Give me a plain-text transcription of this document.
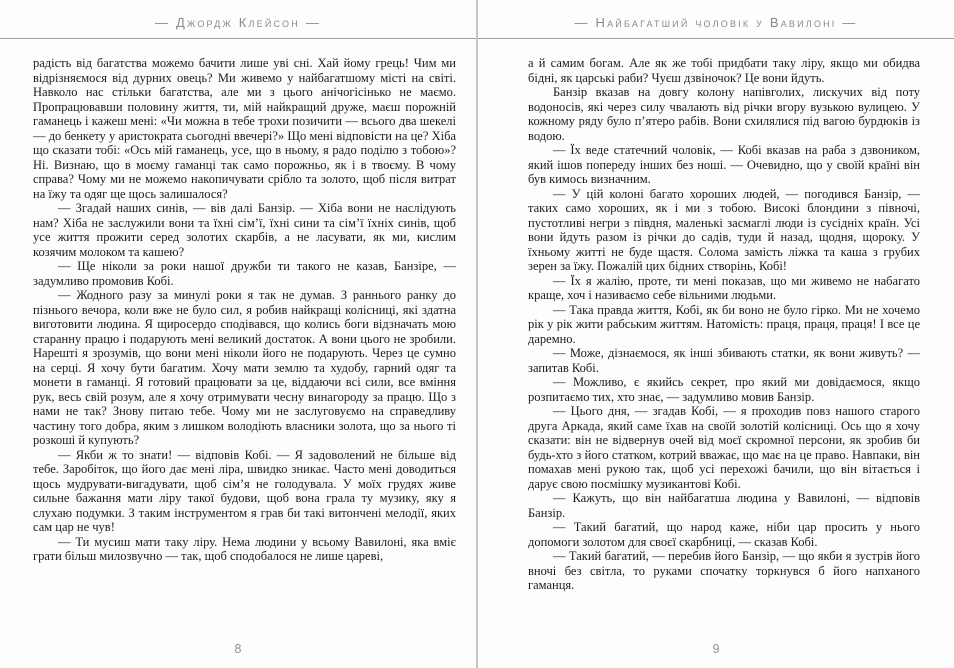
— Джордж Клейсон —

радість від багатства можемо бачити лише уві сні. Хай йому грець! Чим ми відрізняємося від дурних овець? Ми живемо у найбагатшому місті на світі. Навколо нас стільки багатства, але ми з цього анічогісінько не маємо. Пропрацювавши половину життя, ти, мій найкращий друже, маєш порожній гаманець і кажеш мені: «Чи можна в тебе трохи позичити — всього два шекелі — до бенкету у аристократа сьогодні ввечері?» Що мені відповісти на це? Хіба що сказати тобі: «Ось мій гаманець, усе, що в ньому, я радо поділю з тобою»? Ні. Визнаю, що в моєму гаманці так само порожньо, як і в твоєму. В чому справа? Чому ми не можемо накопичувати срібло та золото, щоб після витрат на їжу та одяг ще щось залишалося?

— Згадай наших синів, — вів далі Банзір. — Хіба вони не наслідують нам? Хіба не заслужили вони та їхні сім’ї, їхні сини та сім’ї їхніх синів, щоб усе життя прожити серед золотих скарбів, а не ласувати, як ми, кислим козячим молоком та кашею?

— Ще ніколи за роки нашої дружби ти такого не казав, Банзіре, — задумливо промовив Кобі.

— Жодного разу за минулі роки я так не думав. З раннього ранку до пізнього вечора, коли вже не було сил, я робив найкращі колісниці, які здатна виготовити людина. Я щиросердо сподівався, що колись боги відзначать мою старанну працю і подарують мені великий достаток. А вони цього не зробили. Нарешті я зрозумів, що вони мені ніколи його не подарують. Через це сумно на серці. Я хочу бути багатим. Хочу мати землю та худобу, гарний одяг та монети в гаманці. Я готовий працювати за це, віддаючи всі сили, все вміння рук, весь свій розум, але я хочу отримувати чесну винагороду за працю. Що з нами не так? Знову питаю тебе. Чому ми не заслуговуємо на справедливу частину того добра, яким з лишком володіють власники золота, що за нього ті розкоші й купують?

— Якби ж то знати! — відповів Кобі. — Я задоволений не більше від тебе. Заробіток, що його дає мені ліра, швидко зникає. Часто мені доводиться щось мудрувати-вигадувати, щоб сім’я не голодувала. У моїх грудях живе сильне бажання мати ліру такої будови, щоб вона грала ту музику, яку я слухаю подумки. З таким інструментом я грав би такі витончені мелодії, яких сам цар не чув!

— Ти мусиш мати таку ліру. Нема людини у всьому Вавилоні, яка вміє грати більш милозвучно — так, щоб сподобалося не лише цареві,

8
— Найбагатший чоловік у Вавилоні —

а й самим богам. Але як же тобі придбати таку ліру, якщо ми обидва бідні, як царські раби? Чуєш дзвіночок? Це вони йдуть.

Банзір вказав на довгу колону напівголих, лискучих від поту водоносів, які через силу чвалають від річки вгору вузькою вулицею. У кожному ряду було п’ятеро рабів. Вони схилялися під вагою бурдюків із водою.

— Їх веде статечний чоловік, — Кобі вказав на раба з дзвоником, який ішов попереду інших без ноші. — Очевидно, що у своїй країні він був кимось визначним.

— У цій колоні багато хороших людей, — погодився Банзір, — таких само хороших, як і ми з тобою. Високі блондини з півночі, пустотливі негри з півдня, маленькі засмаглі люди із сусідніх країн. Усі вони йдуть разом із річки до садів, туди й назад, щодня, щороку. У їхньому житті не буде щастя. Солома замість ліжка та каша з грубих зерен за їжу. Пожалій цих бідних створінь, Кобі!

— Їх я жалію, проте, ти мені показав, що ми живемо не набагато краще, хоч і називаємо себе вільними людьми.

— Така правда життя, Кобі, як би воно не було гірко. Ми не хочемо рік у рік жити рабським життям. Натомість: праця, праця, праця! І все це даремно.

— Може, дізнаємося, як інші збивають статки, як вони живуть? — запитав Кобі.

— Можливо, є якийсь секрет, про який ми довідаємося, якщо розпитаємо тих, хто знає, — задумливо мовив Банзір.

— Цього дня, — згадав Кобі, — я проходив повз нашого старого друга Аркада, який саме їхав на своїй золотій колісниці. Ось що я хочу сказати: він не відвернув очей від моєї скромної персони, як зробив би будь-хто з його статком, котрий вважає, що має на це право. Навпаки, він помахав мені рукою так, щоб усі перехожі бачили, що він вітається і дарує свою посмішку музикантові Кобі.

— Кажуть, що він найбагатша людина у Вавилоні, — відповів Банзір.

— Такий багатий, що народ каже, ніби цар просить у нього допомоги золотом для своєї скарбниці, — сказав Кобі.

— Такий багатий, — перебив його Банзір, — що якби я зустрів його вночі без світла, то руками спочатку торкнувся б його напханого гаманця.

9
